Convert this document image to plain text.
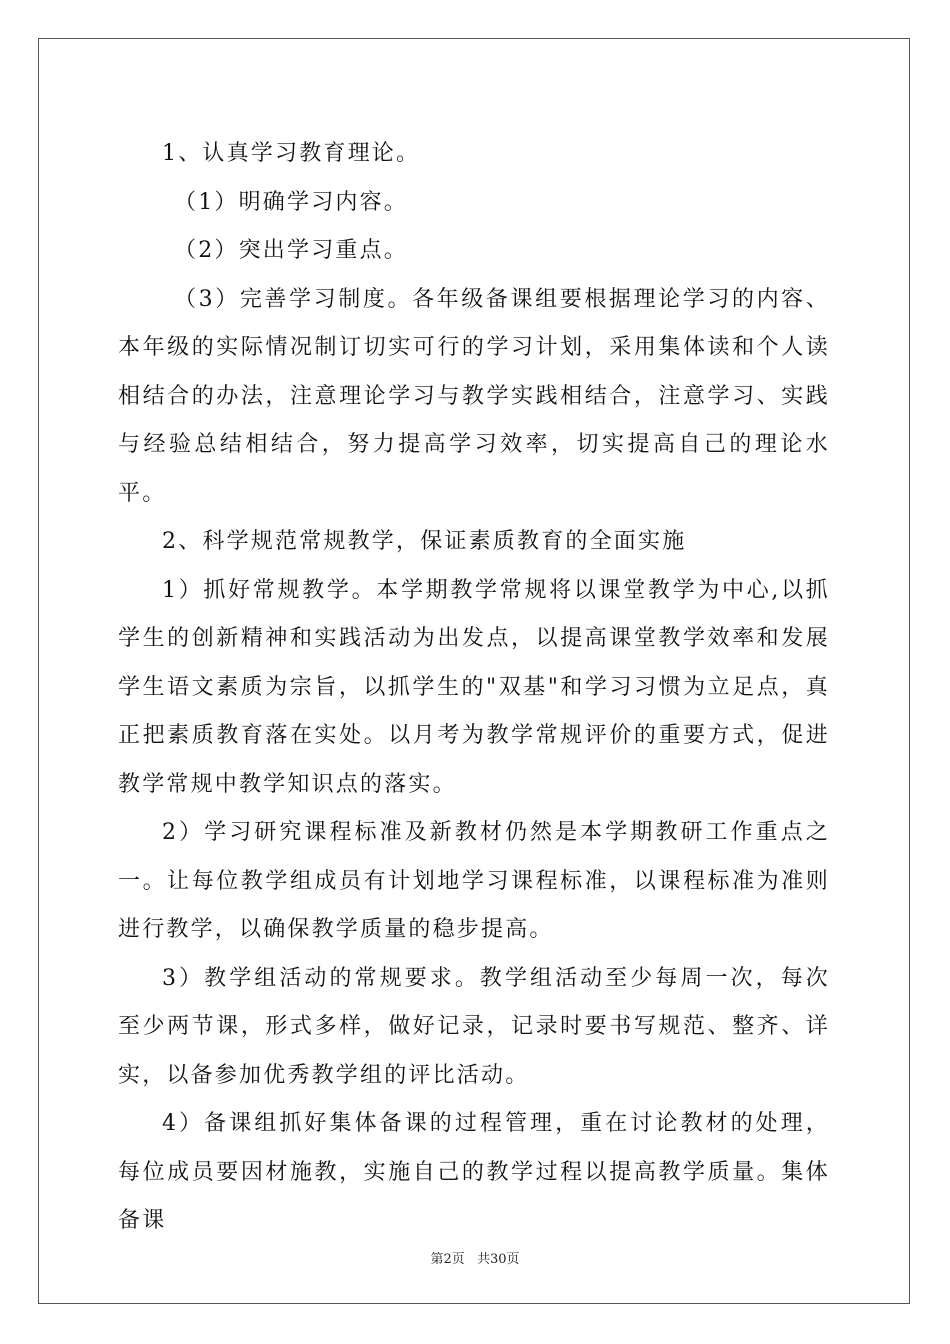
1、认真学习教育理论。

（1）明确学习内容。

（2）突出学习重点。

（3）完善学习制度。各年级备课组要根据理论学习的内容、本年级的实际情况制订切实可行的学习计划，采用集体读和个人读相结合的办法，注意理论学习与教学实践相结合，注意学习、实践与经验总结相结合，努力提高学习效率，切实提高自己的理论水平。

2、科学规范常规教学，保证素质教育的全面实施

1）抓好常规教学。本学期教学常规将以课堂教学为中心,以抓学生的创新精神和实践活动为出发点，以提高课堂教学效率和发展学生语文素质为宗旨，以抓学生的"双基"和学习习惯为立足点，真正把素质教育落在实处。以月考为教学常规评价的重要方式，促进教学常规中教学知识点的落实。

2）学习研究课程标准及新教材仍然是本学期教研工作重点之一。让每位教学组成员有计划地学习课程标准，以课程标准为准则进行教学，以确保教学质量的稳步提高。

3）教学组活动的常规要求。教学组活动至少每周一次，每次至少两节课，形式多样，做好记录，记录时要书写规范、整齐、详实，以备参加优秀教学组的评比活动。

4）备课组抓好集体备课的过程管理，重在讨论教材的处理，每位成员要因材施教，实施自己的教学过程以提高教学质量。集体备课

第2页 共30页
